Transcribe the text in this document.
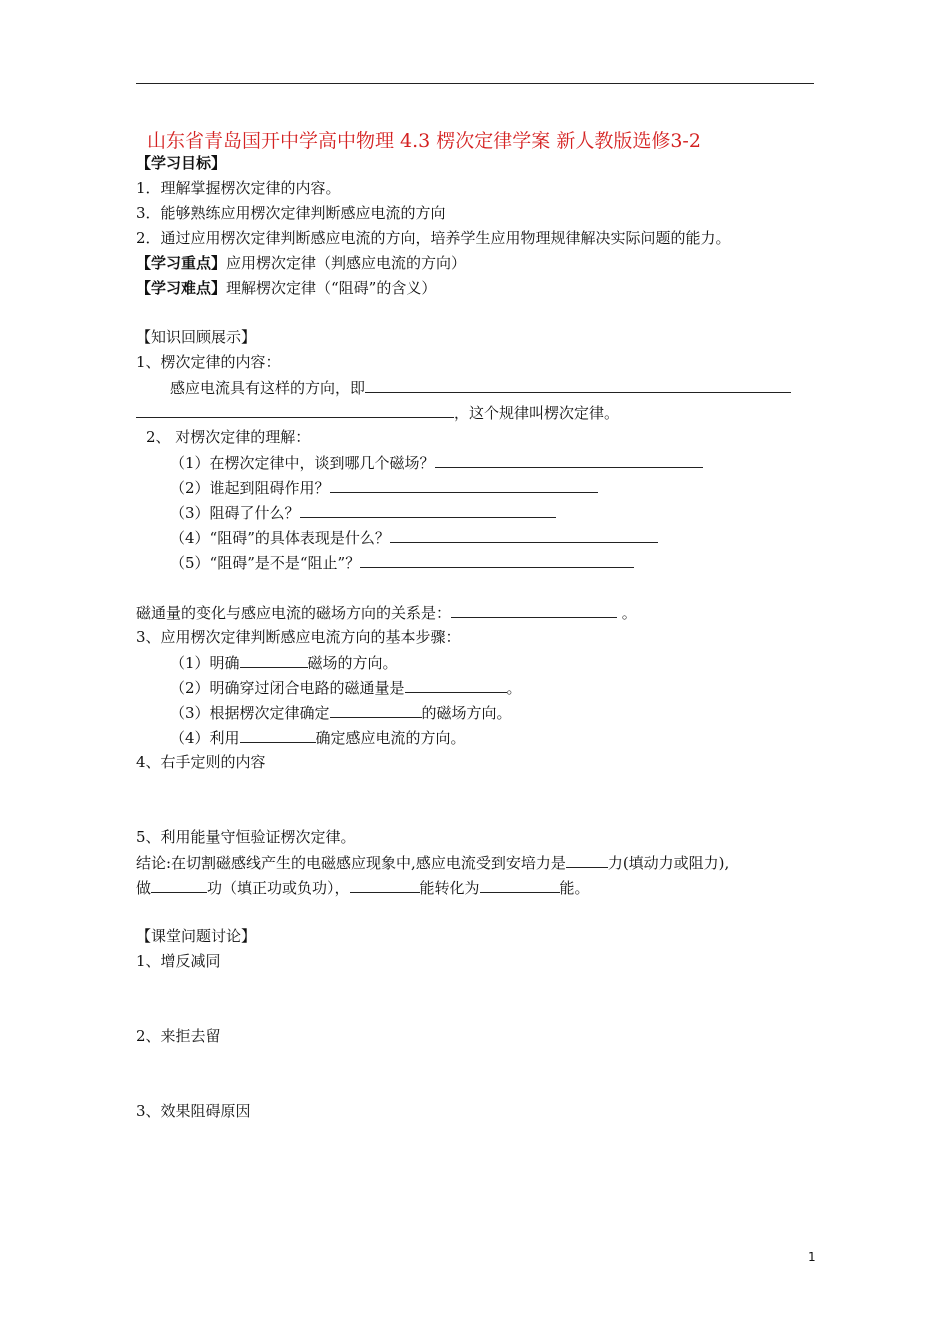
山东省青岛国开中学高中物理 4.3 楞次定律学案 新人教版选修3-2
【学习目标】
1．理解掌握楞次定律的内容。
3．能够熟练应用楞次定律判断感应电流的方向
2．通过应用楞次定律判断感应电流的方向，培养学生应用物理规律解决实际问题的能力。
【学习重点】应用楞次定律（判感应电流的方向）
【学习难点】理解楞次定律（“阻碍”的含义）
【知识回顾展示】
1、楞次定律的内容：
感应电流具有这样的方向，即
，这个规律叫楞次定律。
2、 对楞次定律的理解：
（1）在楞次定律中，谈到哪几个磁场？
（2）谁起到阻碍作用？
（3）阻碍了什么？
（4）“阻碍”的具体表现是什么？
（5）“阻碍”是不是“阻止”？
磁通量的变化与感应电流的磁场方向的关系是：	。
3、应用楞次定律判断感应电流方向的基本步骤：
（1）明确	磁场的方向。
（2）明确穿过闭合电路的磁通量是	。
（3）根据楞次定律确定	的磁场方向。
（4）利用	确定感应电流的方向。
4、右手定则的内容
5、利用能量守恒验证楞次定律。
结论:在切割磁感线产生的电磁感应现象中,感应电流受到安培力是	力(填动力或阻力),
做	功（填正功或负功），	能转化为	能。
【课堂问题讨论】
1、增反减同
2、来拒去留
3、效果阻碍原因
1
